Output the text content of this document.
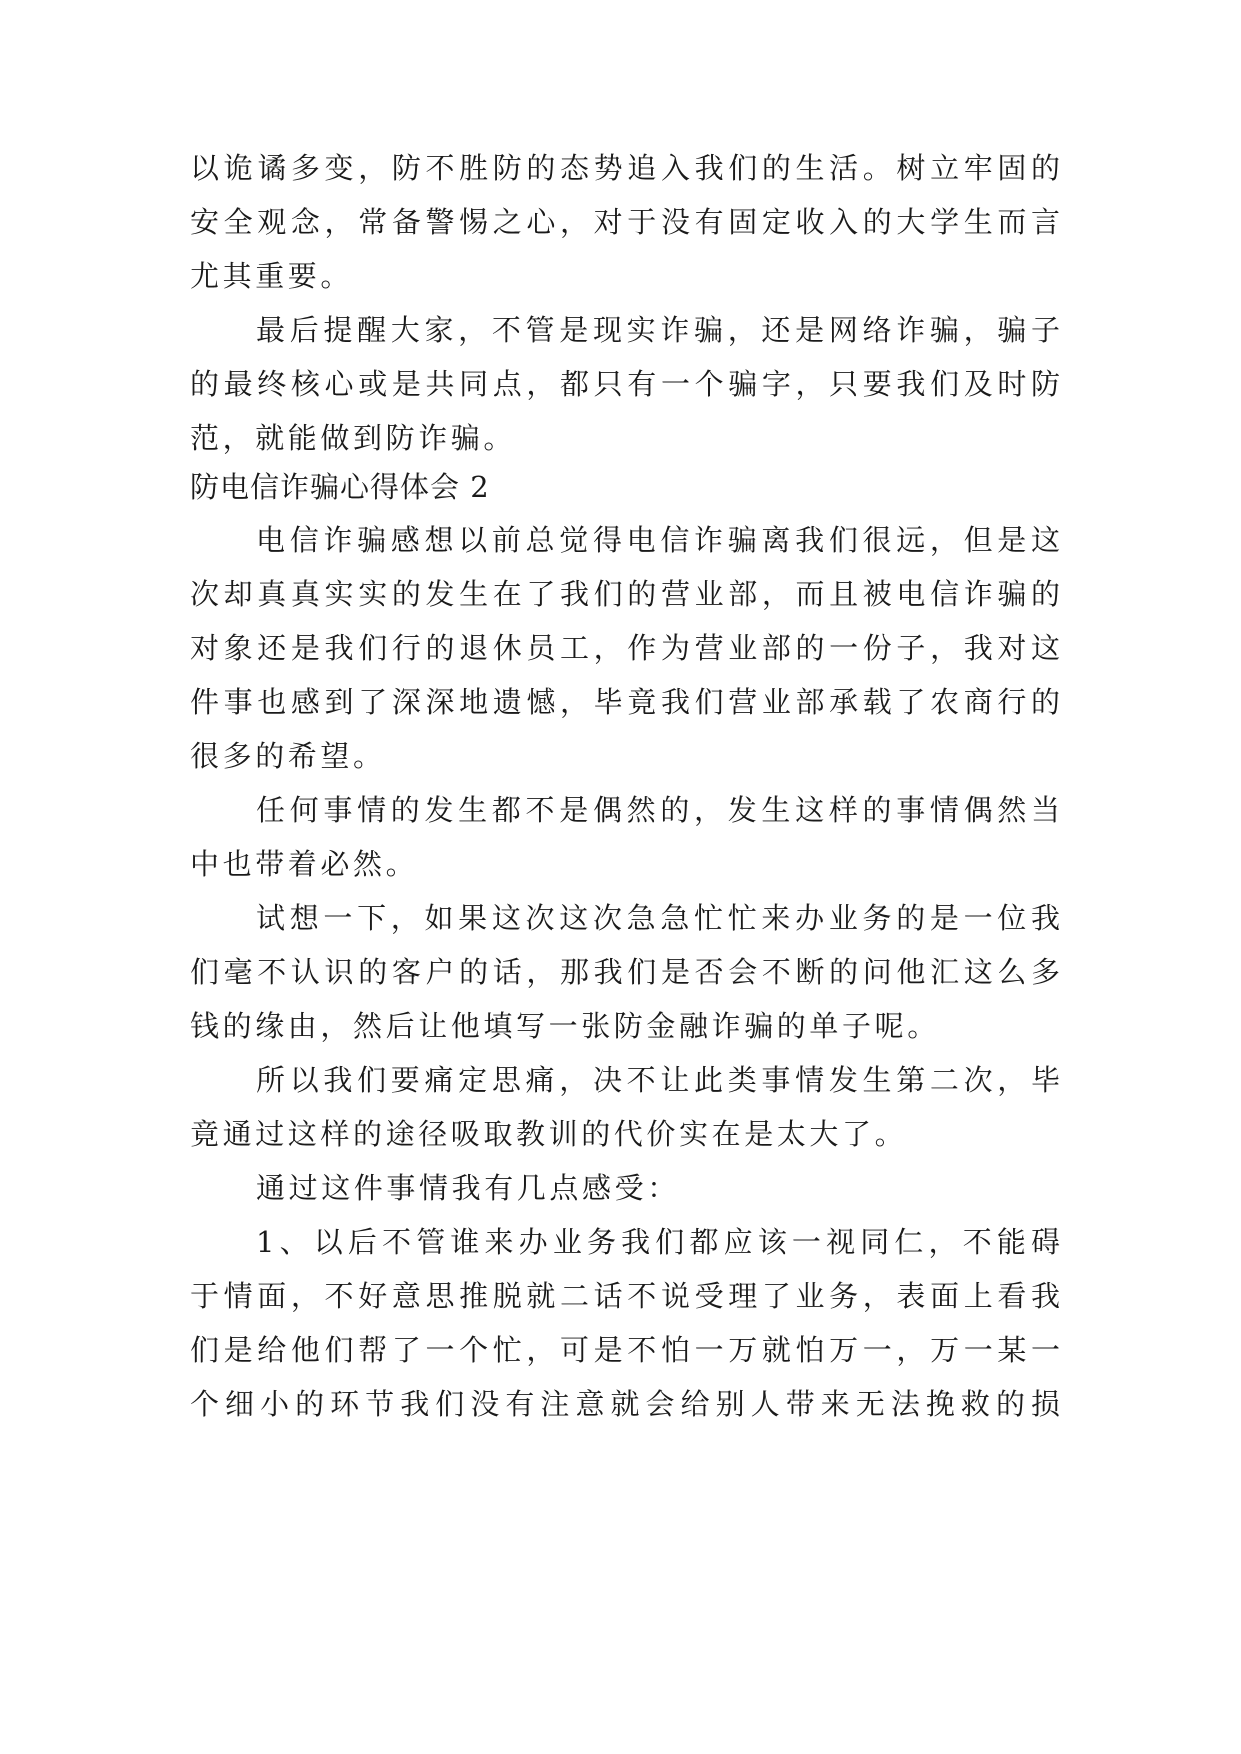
以诡谲多变，防不胜防的态势追入我们的生活。树立牢固的
安全观念，常备警惕之心，对于没有固定收入的大学生而言
尤其重要。
最后提醒大家，不管是现实诈骗，还是网络诈骗，骗子
的最终核心或是共同点，都只有一个骗字，只要我们及时防
范，就能做到防诈骗。
防电信诈骗心得体会 2
电信诈骗感想以前总觉得电信诈骗离我们很远，但是这
次却真真实实的发生在了我们的营业部，而且被电信诈骗的
对象还是我们行的退休员工，作为营业部的一份子，我对这
件事也感到了深深地遗憾，毕竟我们营业部承载了农商行的
很多的希望。
任何事情的发生都不是偶然的，发生这样的事情偶然当
中也带着必然。
试想一下，如果这次这次急急忙忙来办业务的是一位我
们毫不认识的客户的话，那我们是否会不断的问他汇这么多
钱的缘由，然后让他填写一张防金融诈骗的单子呢。
所以我们要痛定思痛，决不让此类事情发生第二次，毕
竟通过这样的途径吸取教训的代价实在是太大了。
通过这件事情我有几点感受：
1、以后不管谁来办业务我们都应该一视同仁，不能碍
于情面，不好意思推脱就二话不说受理了业务，表面上看我
们是给他们帮了一个忙，可是不怕一万就怕万一，万一某一
个细小的环节我们没有注意就会给别人带来无法挽救的损
